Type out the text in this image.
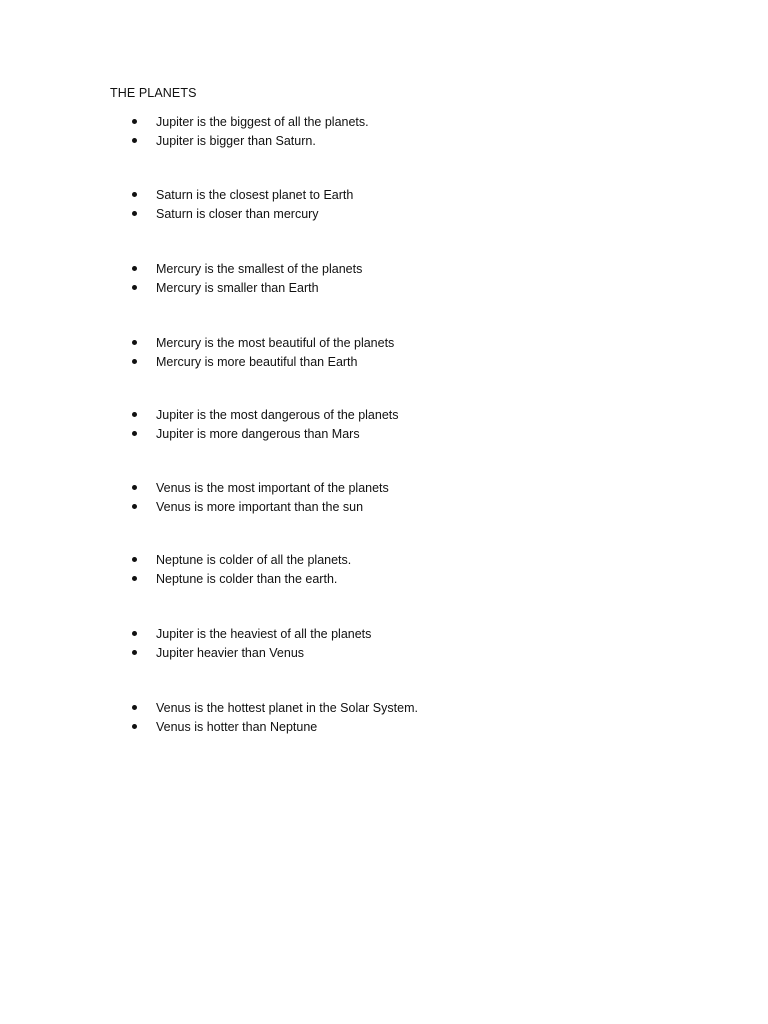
THE PLANETS
Jupiter is the biggest of all the planets.
Jupiter is bigger than Saturn.
Saturn is the closest planet to Earth
Saturn is closer than mercury
Mercury is the smallest of the planets
Mercury is smaller than Earth
Mercury is the most beautiful of the planets
Mercury is more beautiful than Earth
Jupiter is the most dangerous of the planets
Jupiter is more dangerous than Mars
Venus is the most important of the planets
Venus is more important than the sun
Neptune is colder of all the planets.
Neptune is colder than the earth.
Jupiter is the heaviest of all the planets
Jupiter heavier than Venus
Venus is the hottest planet in the Solar System.
Venus is hotter than Neptune
